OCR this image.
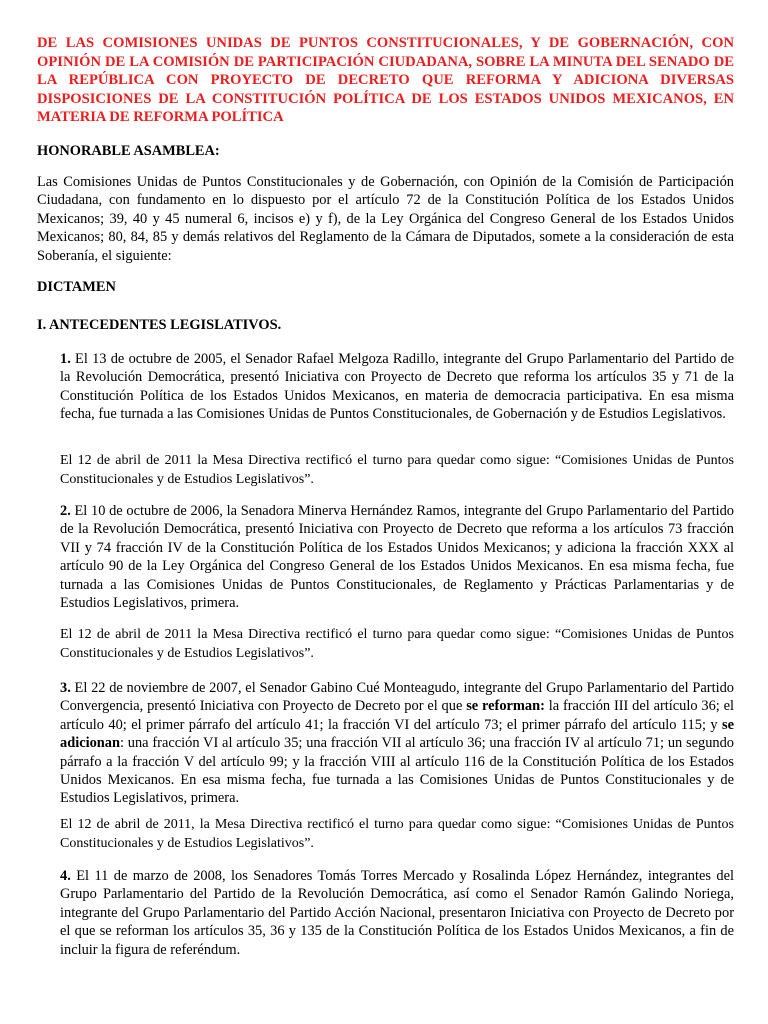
DE LAS COMISIONES UNIDAS DE PUNTOS CONSTITUCIONALES, Y DE GOBERNACIÓN, CON OPINIÓN DE LA COMISIÓN DE PARTICIPACIÓN CIUDADANA, SOBRE LA MINUTA DEL SENADO DE LA REPÚBLICA CON PROYECTO DE DECRETO QUE REFORMA Y ADICIONA DIVERSAS DISPOSICIONES DE LA CONSTITUCIÓN POLÍTICA DE LOS ESTADOS UNIDOS MEXICANOS, EN MATERIA DE REFORMA POLÍTICA

HONORABLE ASAMBLEA:

Las Comisiones Unidas de Puntos Constitucionales y de Gobernación, con Opinión de la Comisión de Participación Ciudadana, con fundamento en lo dispuesto por el artículo 72 de la Constitución Política de los Estados Unidos Mexicanos; 39, 40 y 45 numeral 6, incisos e) y f), de la Ley Orgánica del Congreso General de los Estados Unidos Mexicanos; 80, 84, 85 y demás relativos del Reglamento de la Cámara de Diputados, somete a la consideración de esta Soberanía, el siguiente:

DICTAMEN

I. ANTECEDENTES LEGISLATIVOS.

1. El 13 de octubre de 2005, el Senador Rafael Melgoza Radillo, integrante del Grupo Parlamentario del Partido de la Revolución Democrática, presentó Iniciativa con Proyecto de Decreto que reforma los artículos 35 y 71 de la Constitución Política de los Estados Unidos Mexicanos, en materia de democracia participativa. En esa misma fecha, fue turnada a las Comisiones Unidas de Puntos Constitucionales, de Gobernación y de Estudios Legislativos.

El 12 de abril de 2011 la Mesa Directiva rectificó el turno para quedar como sigue: “Comisiones Unidas de Puntos Constitucionales y de Estudios Legislativos”.

2. El 10 de octubre de 2006, la Senadora Minerva Hernández Ramos, integrante del Grupo Parlamentario del Partido de la Revolución Democrática, presentó Iniciativa con Proyecto de Decreto que reforma a los artículos 73 fracción VII y 74 fracción IV de la Constitución Política de los Estados Unidos Mexicanos; y adiciona la fracción XXX al artículo 90 de la Ley Orgánica del Congreso General de los Estados Unidos Mexicanos. En esa misma fecha, fue turnada a las Comisiones Unidas de Puntos Constitucionales, de Reglamento y Prácticas Parlamentarias y de Estudios Legislativos, primera.

El 12 de abril de 2011 la Mesa Directiva rectificó el turno para quedar como sigue: “Comisiones Unidas de Puntos Constitucionales y de Estudios Legislativos”.

3. El 22 de noviembre de 2007, el Senador Gabino Cué Monteagudo, integrante del Grupo Parlamentario del Partido Convergencia, presentó Iniciativa con Proyecto de Decreto por el que se reforman: la fracción III del artículo 36; el artículo 40; el primer párrafo del artículo 41; la fracción VI del artículo 73; el primer párrafo del artículo 115; y se adicionan: una fracción VI al artículo 35; una fracción VII al artículo 36; una fracción IV al artículo 71; un segundo párrafo a la fracción V del artículo 99; y la fracción VIII al artículo 116 de la Constitución Política de los Estados Unidos Mexicanos. En esa misma fecha, fue turnada a las Comisiones Unidas de Puntos Constitucionales y de Estudios Legislativos, primera.

El 12 de abril de 2011, la Mesa Directiva rectificó el turno para quedar como sigue: “Comisiones Unidas de Puntos Constitucionales y de Estudios Legislativos”.

4. El 11 de marzo de 2008, los Senadores Tomás Torres Mercado y Rosalinda López Hernández, integrantes del Grupo Parlamentario del Partido de la Revolución Democrática, así como el Senador Ramón Galindo Noriega, integrante del Grupo Parlamentario del Partido Acción Nacional, presentaron Iniciativa con Proyecto de Decreto por el que se reforman los artículos 35, 36 y 135 de la Constitución Política de los Estados Unidos Mexicanos, a fin de incluir la figura de referéndum.
